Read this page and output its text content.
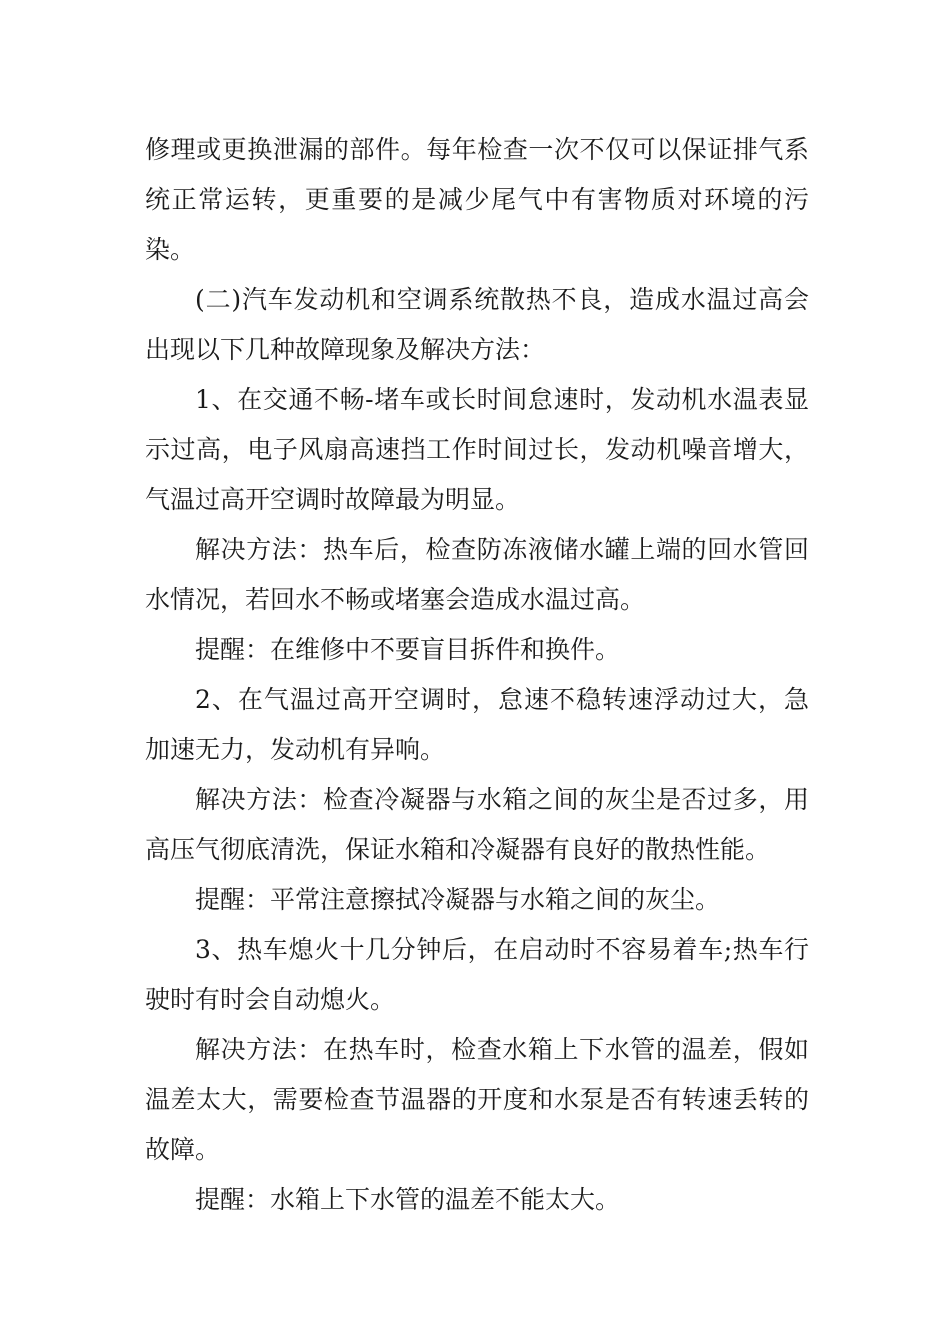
修理或更换泄漏的部件。每年检查一次不仅可以保证排气系统正常运转，更重要的是减少尾气中有害物质对环境的污染。

(二)汽车发动机和空调系统散热不良，造成水温过高会出现以下几种故障现象及解决方法：

1、在交通不畅-堵车或长时间怠速时，发动机水温表显示过高，电子风扇高速挡工作时间过长，发动机噪音增大，气温过高开空调时故障最为明显。

解决方法：热车后，检查防冻液储水罐上端的回水管回水情况，若回水不畅或堵塞会造成水温过高。

提醒：在维修中不要盲目拆件和换件。

2、在气温过高开空调时，怠速不稳转速浮动过大，急加速无力，发动机有异响。

解决方法：检查冷凝器与水箱之间的灰尘是否过多，用高压气彻底清洗，保证水箱和冷凝器有良好的散热性能。

提醒：平常注意擦拭冷凝器与水箱之间的灰尘。

3、热车熄火十几分钟后，在启动时不容易着车;热车行驶时有时会自动熄火。

解决方法：在热车时，检查水箱上下水管的温差，假如温差太大，需要检查节温器的开度和水泵是否有转速丢转的故障。

提醒：水箱上下水管的温差不能太大。
